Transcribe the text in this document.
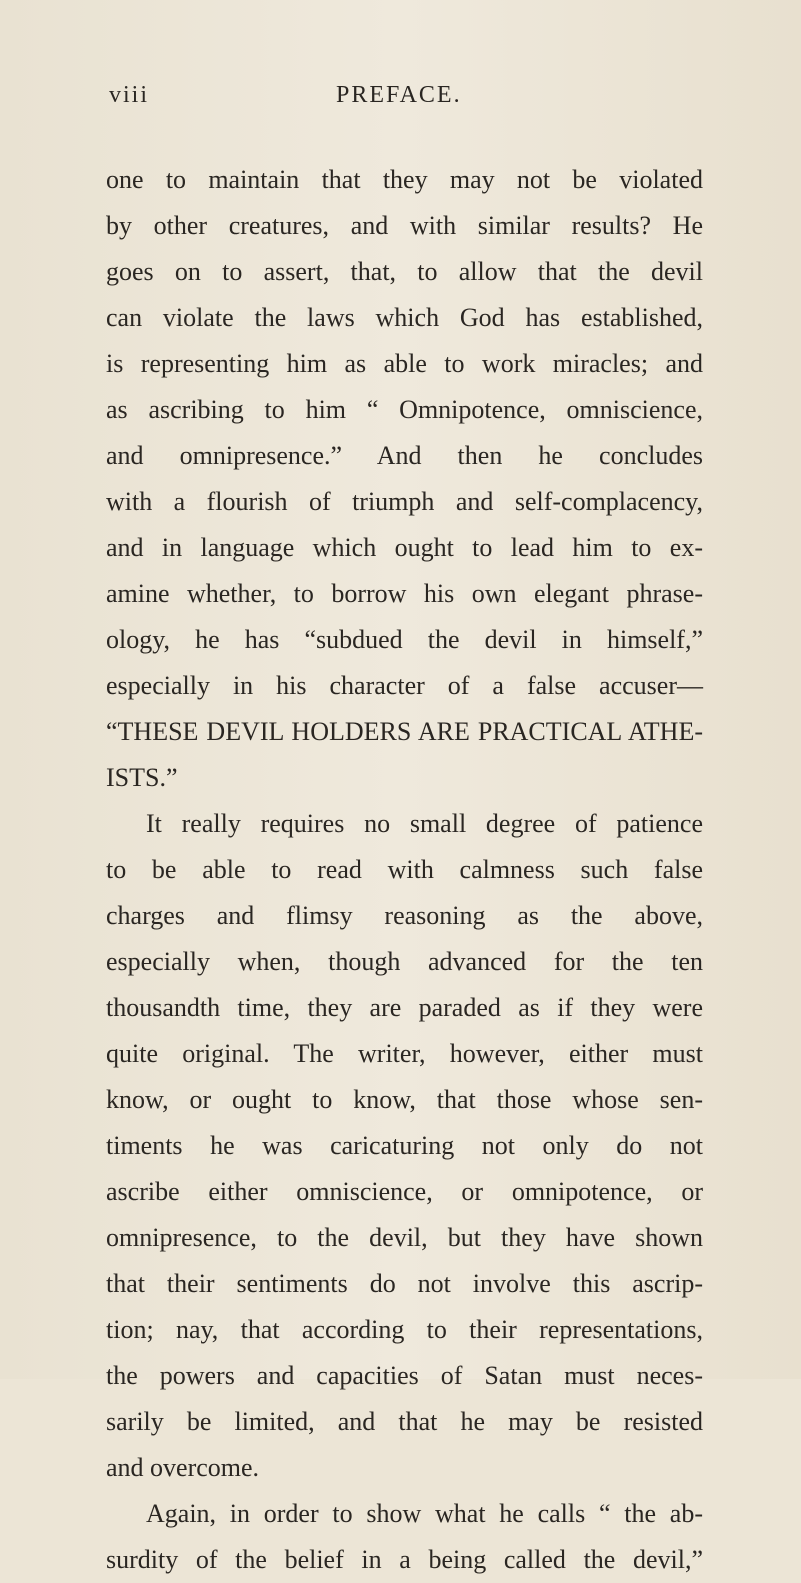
viii	PREFACE.
one to maintain that they may not be violated
by other creatures, and with similar results? He
goes on to assert, that, to allow that the devil
can violate the laws which God has established,
is representing him as able to work miracles; and
as ascribing to him “ Omnipotence, omniscience,
and omnipresence.” And then he concludes
with a flourish of triumph and self-complacency,
and in language which ought to lead him to ex-
amine whether, to borrow his own elegant phrase-
ology, he has “subdued the devil in himself,”
especially in his character of a false accuser—
“THESE DEVIL HOLDERS ARE PRACTICAL ATHE-
ISTS.”
It really requires no small degree of patience
to be able to read with calmness such false
charges and flimsy reasoning as the above,
especially when, though advanced for the ten
thousandth time, they are paraded as if they were
quite original. The writer, however, either must
know, or ought to know, that those whose sen-
timents he was caricaturing not only do not
ascribe either omniscience, or omnipotence, or
omnipresence, to the devil, but they have shown
that their sentiments do not involve this ascrip-
tion; nay, that according to their representations,
the powers and capacities of Satan must neces-
sarily be limited, and that he may be resisted
and overcome.
Again, in order to show what he calls “ the ab-
surdity of the belief in a being called the devil,”
